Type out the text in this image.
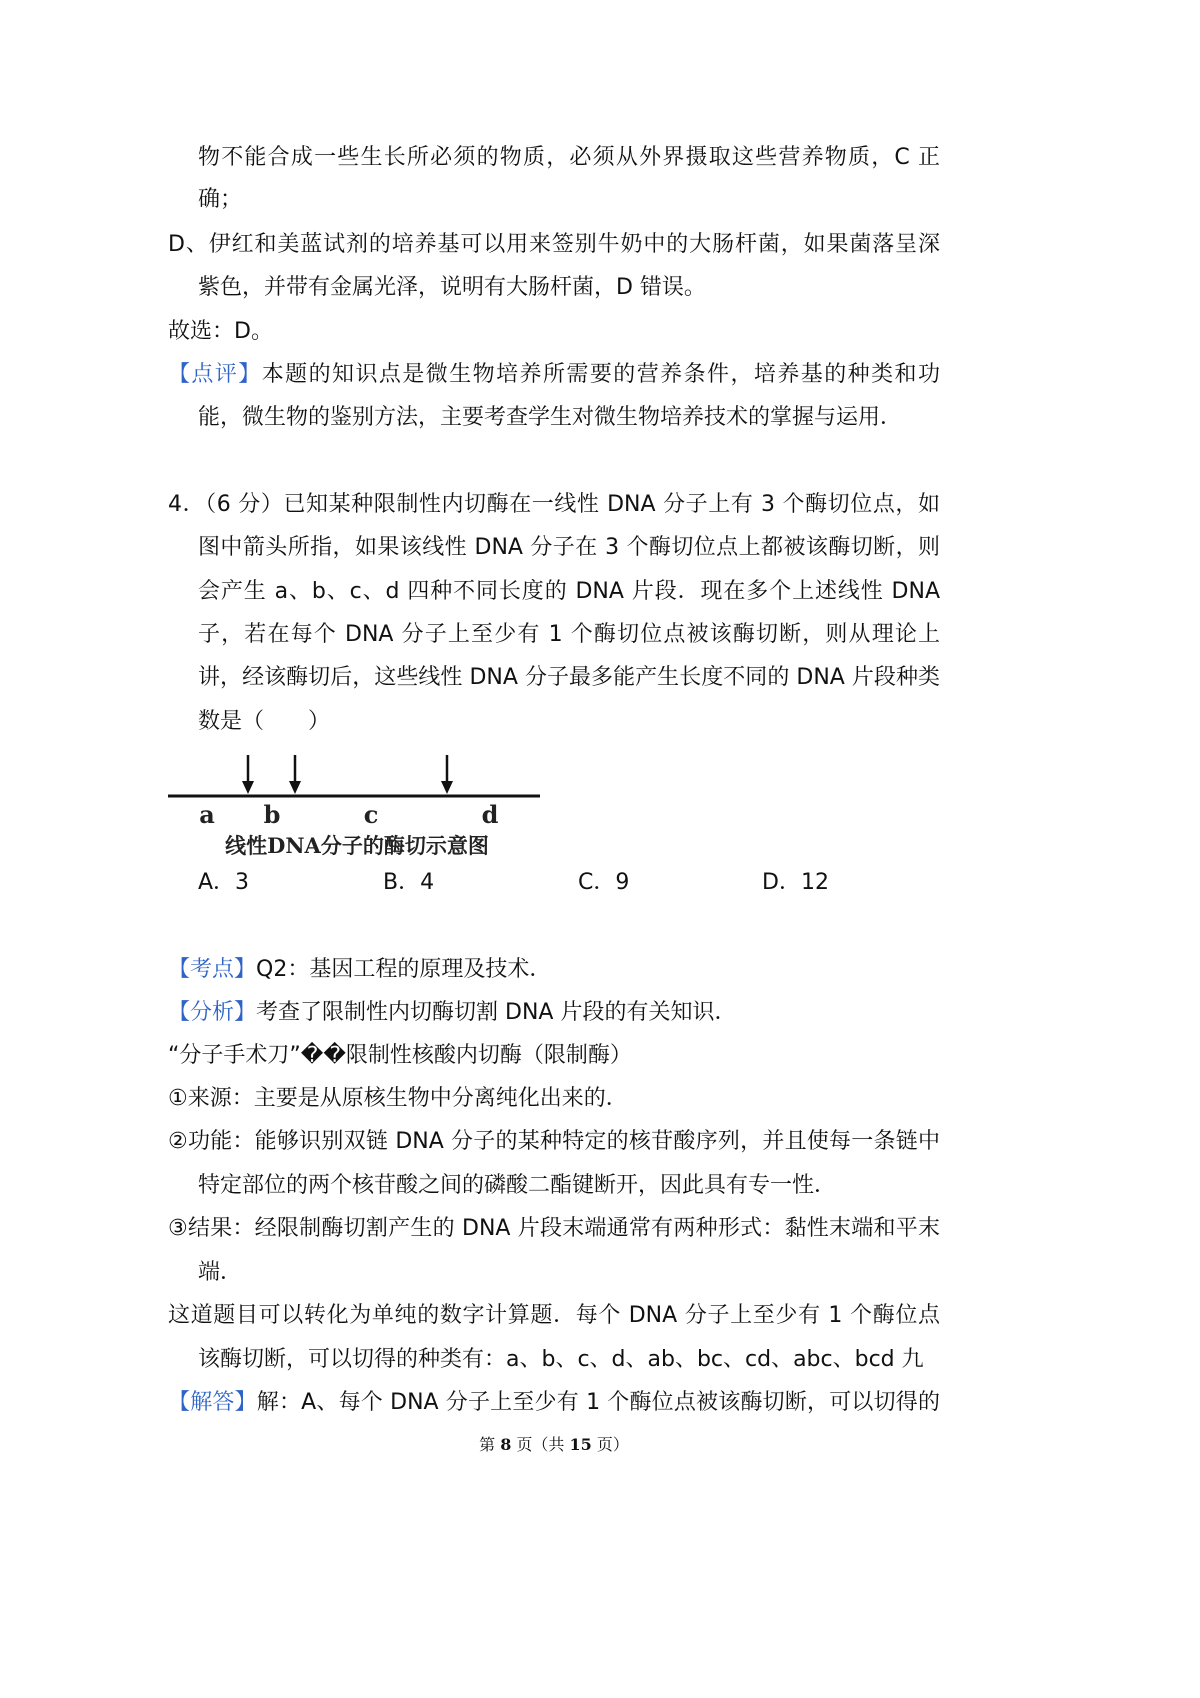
物不能合成一些生长所必须的物质，必须从外界摄取这些营养物质，C 正
确；
D、伊红和美蓝试剂的培养基可以用来签别牛奶中的大肠杆菌，如果菌落呈深
紫色，并带有金属光泽，说明有大肠杆菌，D 错误。
故选：D。
【点评】本题的知识点是微生物培养所需要的营养条件，培养基的种类和功
能，微生物的鉴别方法，主要考查学生对微生物培养技术的掌握与运用．
4．（6 分）已知某种限制性内切酶在一线性 DNA 分子上有 3 个酶切位点，如
图中箭头所指，如果该线性 DNA 分子在 3 个酶切位点上都被该酶切断，则
会产生 a、b、c、d 四种不同长度的 DNA 片段．现在多个上述线性 DNA
子，若在每个 DNA 分子上至少有 1 个酶切位点被该酶切断，则从理论上
讲，经该酶切后，这些线性 DNA 分子最多能产生长度不同的 DNA 片段种类
数是（　　）
a b	c	d
线性DNA分子的酶切示意图
A．3	B．4	C．9	D．12
【考点】Q2：基因工程的原理及技术．
【分析】考查了限制性内切酶切割 DNA 片段的有关知识．
“分子手术刀”��限制性核酸内切酶（限制酶）
①来源：主要是从原核生物中分离纯化出来的．
②功能：能够识别双链 DNA 分子的某种特定的核苷酸序列，并且使每一条链中
特定部位的两个核苷酸之间的磷酸二酯键断开，因此具有专一性．
③结果：经限制酶切割产生的 DNA 片段末端通常有两种形式：黏性末端和平末
端．
这道题目可以转化为单纯的数字计算题．每个 DNA 分子上至少有 1 个酶位点
该酶切断，可以切得的种类有：a、b、c、d、ab、bc、cd、abc、bcd 九
【解答】解：A、每个 DNA 分子上至少有 1 个酶位点被该酶切断，可以切得的
第 8 页（共 15 页）
